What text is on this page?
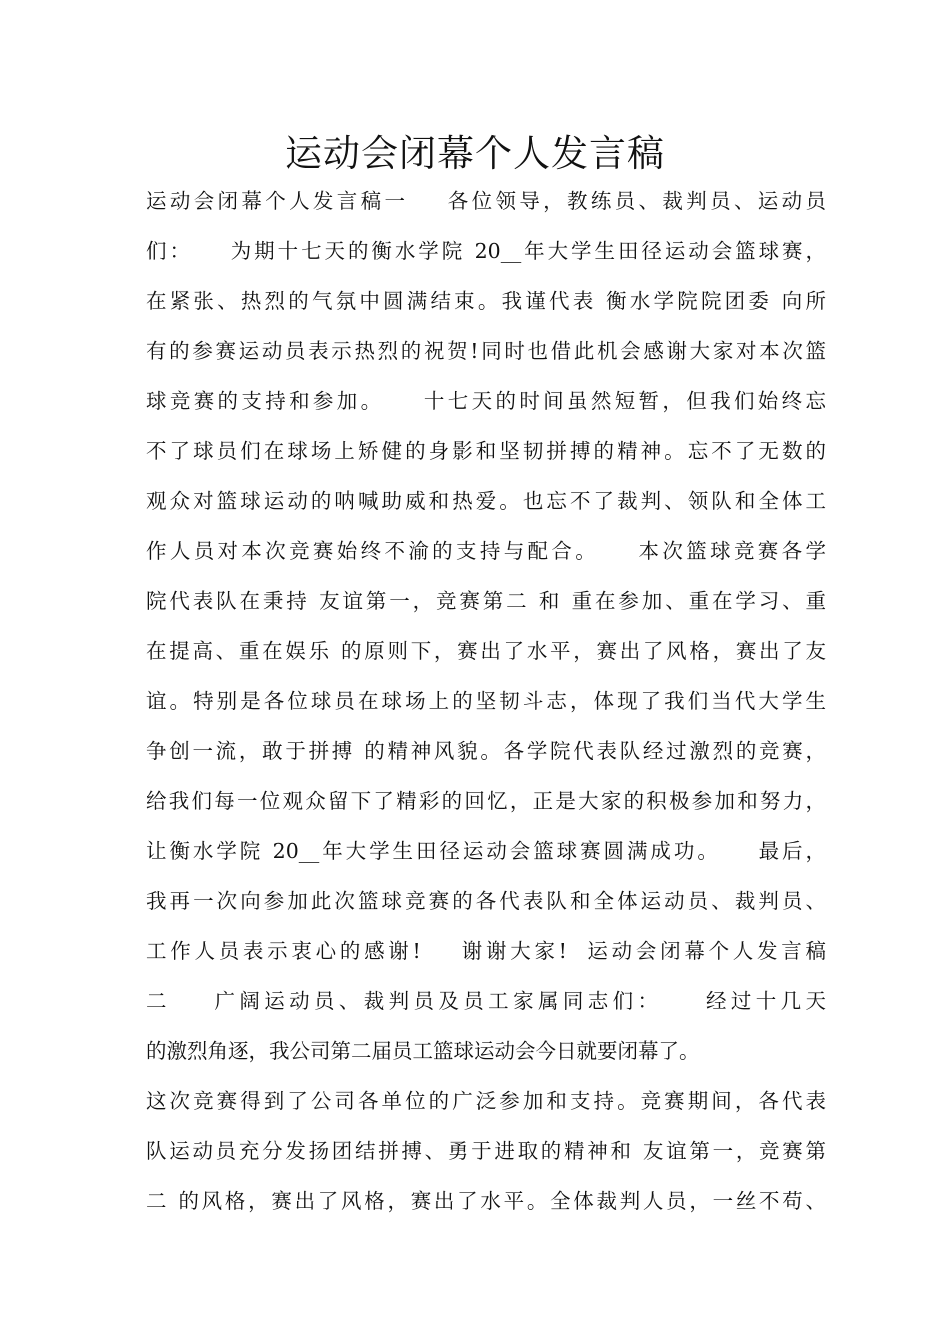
运动会闭幕个人发言稿
运动会闭幕个人发言稿一    各位领导，教练员、裁判员、运动员
们：    为期十七天的衡水学院 20__年大学生田径运动会篮球赛，
在紧张、热烈的气氛中圆满结束。我谨代表 衡水学院院团委 向所
有的参赛运动员表示热烈的祝贺!同时也借此机会感谢大家对本次篮
球竞赛的支持和参加。    十七天的时间虽然短暂，但我们始终忘
不了球员们在球场上矫健的身影和坚韧拼搏的精神。忘不了无数的
观众对篮球运动的呐喊助威和热爱。也忘不了裁判、领队和全体工
作人员对本次竞赛始终不渝的支持与配合。    本次篮球竞赛各学
院代表队在秉持 友谊第一，竞赛第二 和 重在参加、重在学习、重
在提高、重在娱乐 的原则下，赛出了水平，赛出了风格，赛出了友
谊。特别是各位球员在球场上的坚韧斗志，体现了我们当代大学生
争创一流，敢于拼搏 的精神风貌。各学院代表队经过激烈的竞赛，
给我们每一位观众留下了精彩的回忆，正是大家的积极参加和努力，
让衡水学院 20__年大学生田径运动会篮球赛圆满成功。    最后，
我再一次向参加此次篮球竞赛的各代表队和全体运动员、裁判员、
工作人员表示衷心的感谢!    谢谢大家!  运动会闭幕个人发言稿
二    广阔运动员、裁判员及员工家属同志们：    经过十几天
的激烈角逐，我公司第二届员工篮球运动会今日就要闭幕了。
这次竞赛得到了公司各单位的广泛参加和支持。竞赛期间，各代表
队运动员充分发扬团结拼搏、勇于进取的精神和 友谊第一，竞赛第
二 的风格，赛出了风格，赛出了水平。全体裁判人员，一丝不苟、
